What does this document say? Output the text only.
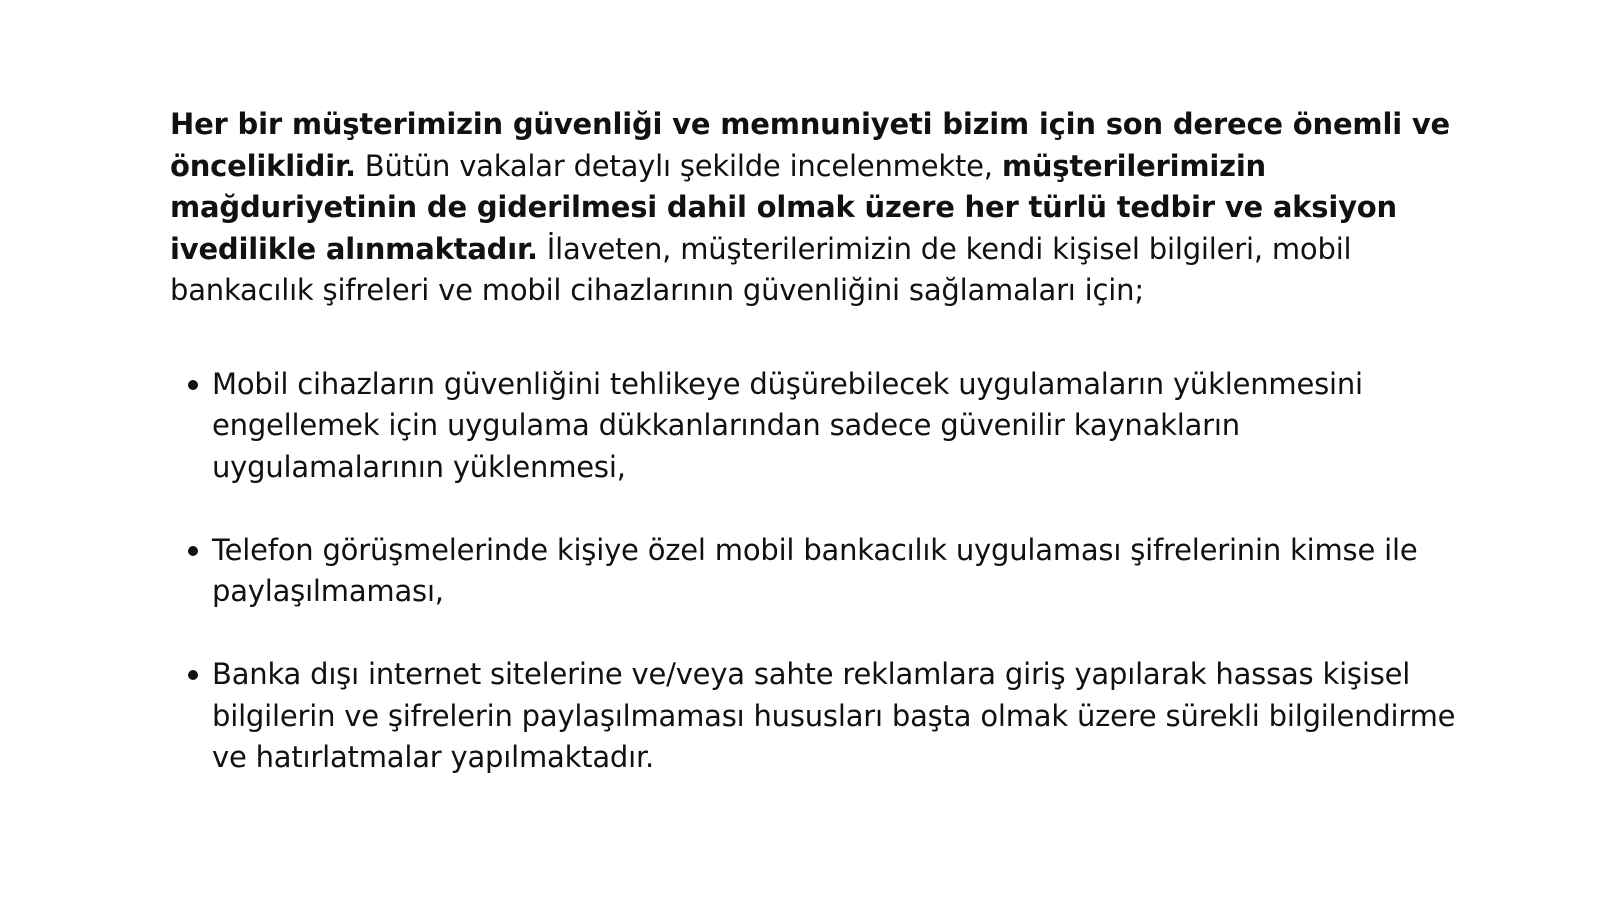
Her bir müşterimizin güvenliği ve memnuniyeti bizim için son derece önemli ve önceliklidir. Bütün vakalar detaylı şekilde incelenmekte, müşterilerimizin mağduriyetinin de giderilmesi dahil olmak üzere her türlü tedbir ve aksiyon ivedilikle alınmaktadır. İlaveten, müşterilerimizin de kendi kişisel bilgileri, mobil bankacılık şifreleri ve mobil cihazlarının güvenliğini sağlamaları için;

Mobil cihazların güvenliğini tehlikeye düşürebilecek uygulamaların yüklenmesini engellemek için uygulama dükkanlarından sadece güvenilir kaynakların uygulamalarının yüklenmesi,
Telefon görüşmelerinde kişiye özel mobil bankacılık uygulaması şifrelerinin kimse ile paylaşılmaması,
Banka dışı internet sitelerine ve/veya sahte reklamlara giriş yapılarak hassas kişisel bilgilerin ve şifrelerin paylaşılmaması hususları başta olmak üzere sürekli bilgilendirme ve hatırlatmalar yapılmaktadır.
